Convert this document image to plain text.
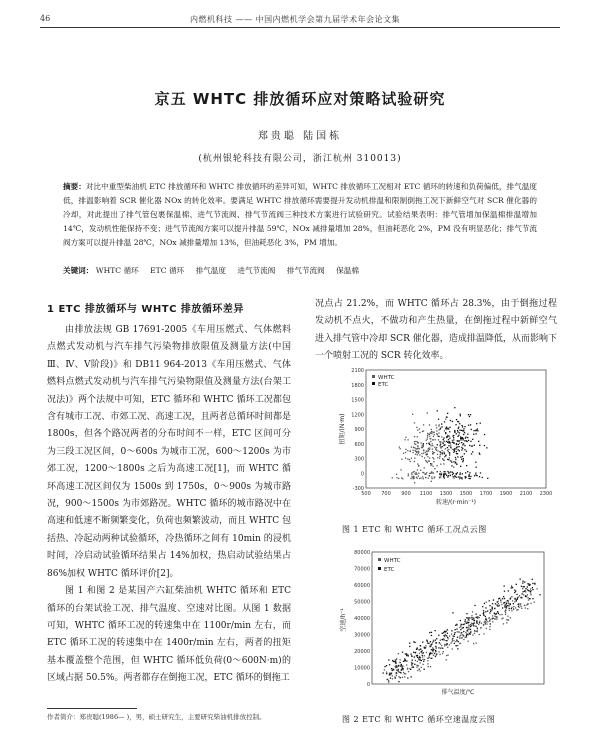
46	内燃机科技 —— 中国内燃机学会第九届学术年会论文集
京五 WHTC 排放循环应对策略试验研究
郑贵聪 陆国栋
(杭州银轮科技有限公司，浙江杭州 310013)
摘要：对比中重型柴油机 ETC 排放循环和 WHTC 排放循环的差异可知，WHTC 排放循环工况相对 ETC 循环的转速和负荷偏低，排气温度低，排温影响着 SCR 催化器 NOx 的转化效率。要满足 WHTC 排放循环需要提升发动机排温和限制倒拖工况下新鲜空气对 SCR 催化器的冷却，对此提出了排气管包裹保温棉、进气节流阀、排气节流阀三种技术方案进行试验研究。试验结果表明：排气管增加保温棉排温增加 14℃，发动机性能保持不变；进气节流阀方案可以提升排温 59℃，NOx 减排量增加 28%，但油耗恶化 2%，PM 没有明显恶化；排气节流阀方案可以提升排温 28℃，NOx 减排量增加 13%，但油耗恶化 3%，PM 增加。
关键词： WHTC 循环 ETC 循环 排气温度 进气节流阀 排气节流阀 保温棉
1 ETC 排放循环与 WHTC 排放循环差异

由排放法规 GB 17691-2005《车用压燃式、气体燃料点燃式发动机与汽车排气污染物排放限值及测量方法(中国Ⅲ、Ⅳ、Ⅴ阶段)》和 DB11 964-2013《车用压燃式、气体燃料点燃式发动机与汽车排气污染物限值及测量方法(台架工况法)》两个法规中可知，ETC 循环和 WHTC 循环工况都包含有城市工况、市郊工况、高速工况，且两者总循环时间都是 1800s，但各个路况两者的分布时间不一样，ETC 区间可分为三段工况区间，0～600s 为城市工况，600～1200s 为市郊工况，1200～1800s 之后为高速工况[1]，而 WHTC 循环高速工况区间仅为 1500s 到 1750s，0～900s 为城市路况，900～1500s 为市郊路况。WHTC 循环的城市路况中在高速和低速不断频繁变化，负荷也频繁波动，而且 WHTC 包括热、冷起动两种试验循环，冷热循环之间有 10min 的浸机时间，冷启动试验循环结果占 14%加权，热启动试验结果占 86%加权 WHTC 循环评价[2]。

图 1 和图 2 是某国产六缸柴油机 WHTC 循环和 ETC 循环的台架试验工况、排气温度、空速对比图。从图 1 数据可知，WHTC 循环工况的转速集中在 1100r/min 左右，而 ETC 循环工况的转速集中在 1400r/min 左右，两者的扭矩基本覆盖整个范围，但 WHTC 循环低负荷(0～600N·m)的区域占据 50.5%。两者都存在倒拖工况，ETC 循环的倒拖工

况点占 21.2%，而 WHTC 循环占 28.3%，由于倒拖过程发动机不点火，不做功和产生热量，在倒拖过程中新鲜空气进入排气管中冷却 SCR 催化器，造成排温降低，从而影响下一个喷射工况的 SCR 转化效率。

-300
0
300
600
900
1200
1500
1800
2100
500 700 900 1100 1300 1500 1700 1900 2100 2300
WHTC
ETC
转速/(r·min⁻¹)
扭矩/(N·m)
图 1 ETC 和 WHTC 循环工况点云图
0
10000
20000
30000
40000
50000
60000
70000
80000
WHTC
ETC
排气温度/℃
空速/h⁻¹
图 2 ETC 和 WHTC 循环空速温度云图
作者简介：郑贵聪(1986— )，男，硕士研究生，主要研究柴油机排放控制。
